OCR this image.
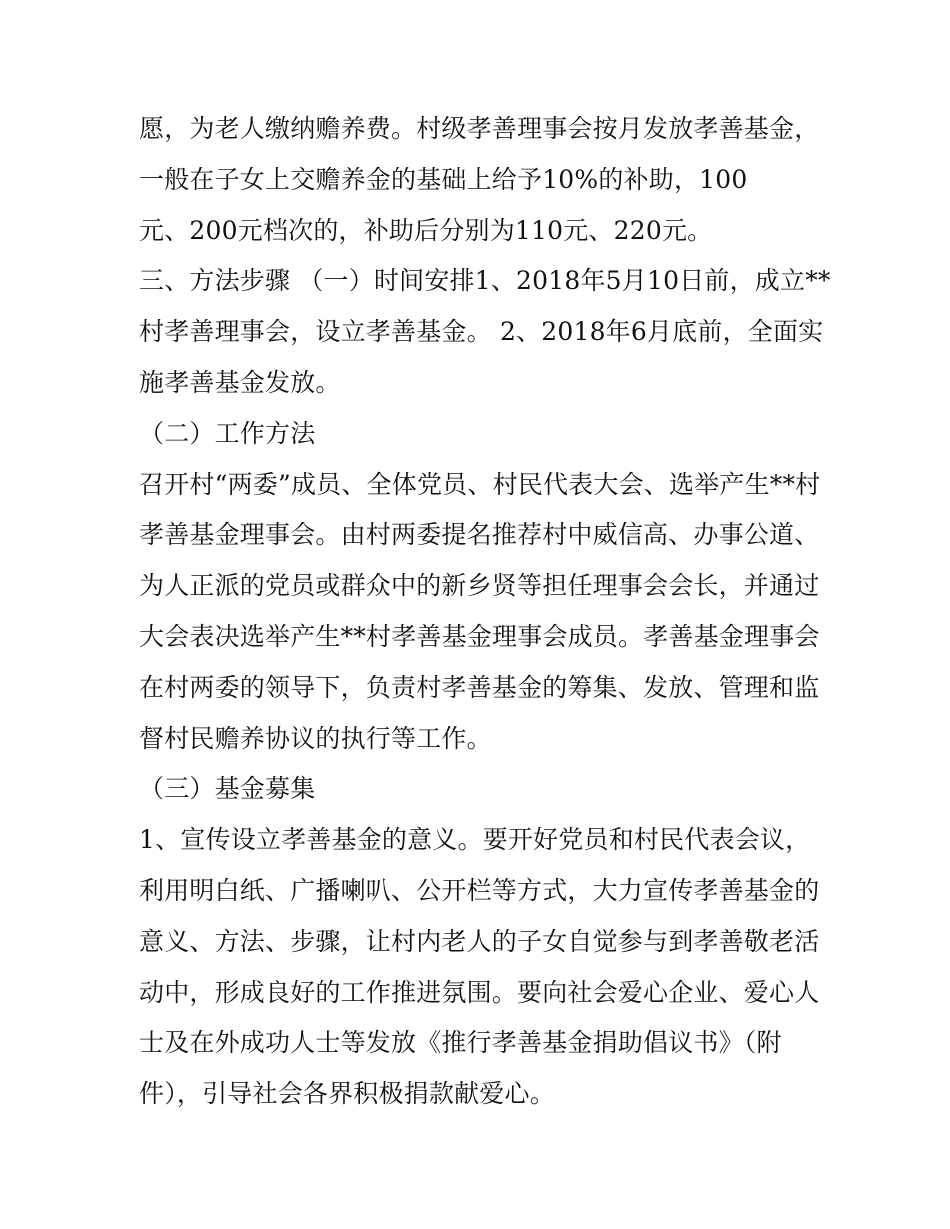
愿，为老人缴纳赡养费。村级孝善理事会按月发放孝善基金，
一般在子女上交赡养金的基础上给予10%的补助，100
元、200元档次的，补助后分别为110元、220元。
三、方法步骤 （一）时间安排1、2018年5月10日前，成立**
村孝善理事会，设立孝善基金。 2、2018年6月底前，全面实
施孝善基金发放。
（二）工作方法
召开村“两委”成员、全体党员、村民代表大会、选举产生**村
孝善基金理事会。由村两委提名推荐村中威信高、办事公道、
为人正派的党员或群众中的新乡贤等担任理事会会长，并通过
大会表决选举产生**村孝善基金理事会成员。孝善基金理事会
在村两委的领导下，负责村孝善基金的筹集、发放、管理和监
督村民赡养协议的执行等工作。
（三）基金募集
1、宣传设立孝善基金的意义。要开好党员和村民代表会议，
利用明白纸、广播喇叭、公开栏等方式，大力宣传孝善基金的
意义、方法、步骤，让村内老人的子女自觉参与到孝善敬老活
动中，形成良好的工作推进氛围。要向社会爱心企业、爱心人
士及在外成功人士等发放《推行孝善基金捐助倡议书》（附
件），引导社会各界积极捐款献爱心。
